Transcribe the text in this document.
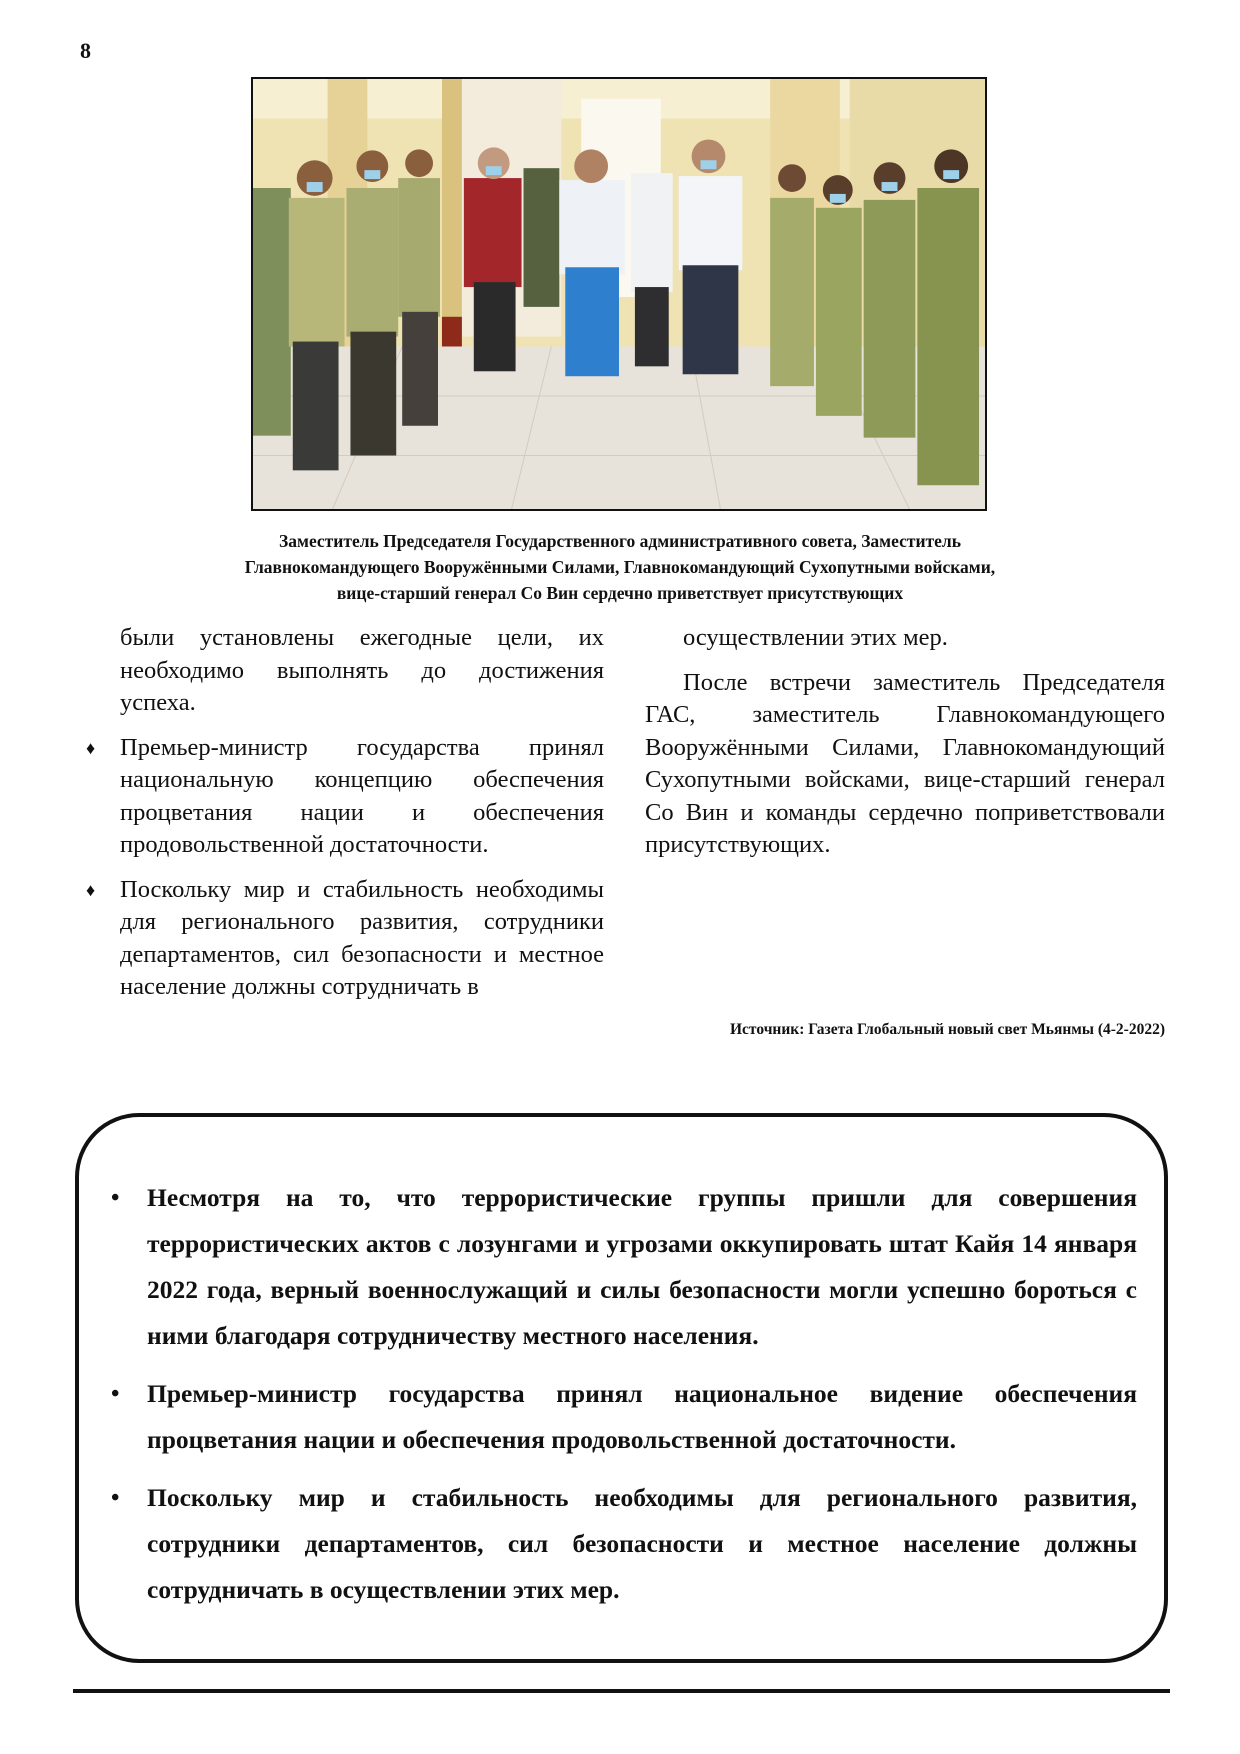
8
Заместитель Председателя Государственного административного совета, Заместитель
Главнокомандующего Вооружёнными Силами, Главнокомандующий Сухопутными войсками,
вице-старший генерал Со Вин сердечно приветствует присутствующих

были установлены ежегодные цели, их необходимо выполнять до достижения успеха.

♦ Премьер-министр государства принял национальную концепцию обеспечения процветания нации и обеспечения продовольственной достаточности.
♦ Поскольку мир и стабильность необходимы для регионального развития, сотрудники департаментов, сил безопасности и местное население должны сотрудничать в

осуществлении этих мер.

После встречи заместитель Председателя ГАС, заместитель Главнокомандующего Вооружёнными Силами, Главнокомандующий Сухопутными войсками, вице-старший генерал Со Вин и команды сердечно поприветствовали присутствующих.

Источник: Газета Глобальный новый свет Мьянмы (4-2-2022)
• Несмотря на то, что террористические группы пришли для совершения террористических актов с лозунгами и угрозами оккупировать штат Кайя 14 января 2022 года, верный военнослужащий и силы безопасности могли успешно бороться с ними благодаря сотрудничеству местного населения.
• Премьер-министр государства принял национальное видение обеспечения процветания нации и обеспечения продовольственной достаточности.
• Поскольку мир и стабильность необходимы для регионального развития, сотрудники департаментов, сил безопасности и местное население должны сотрудничать в осуществлении этих мер.
